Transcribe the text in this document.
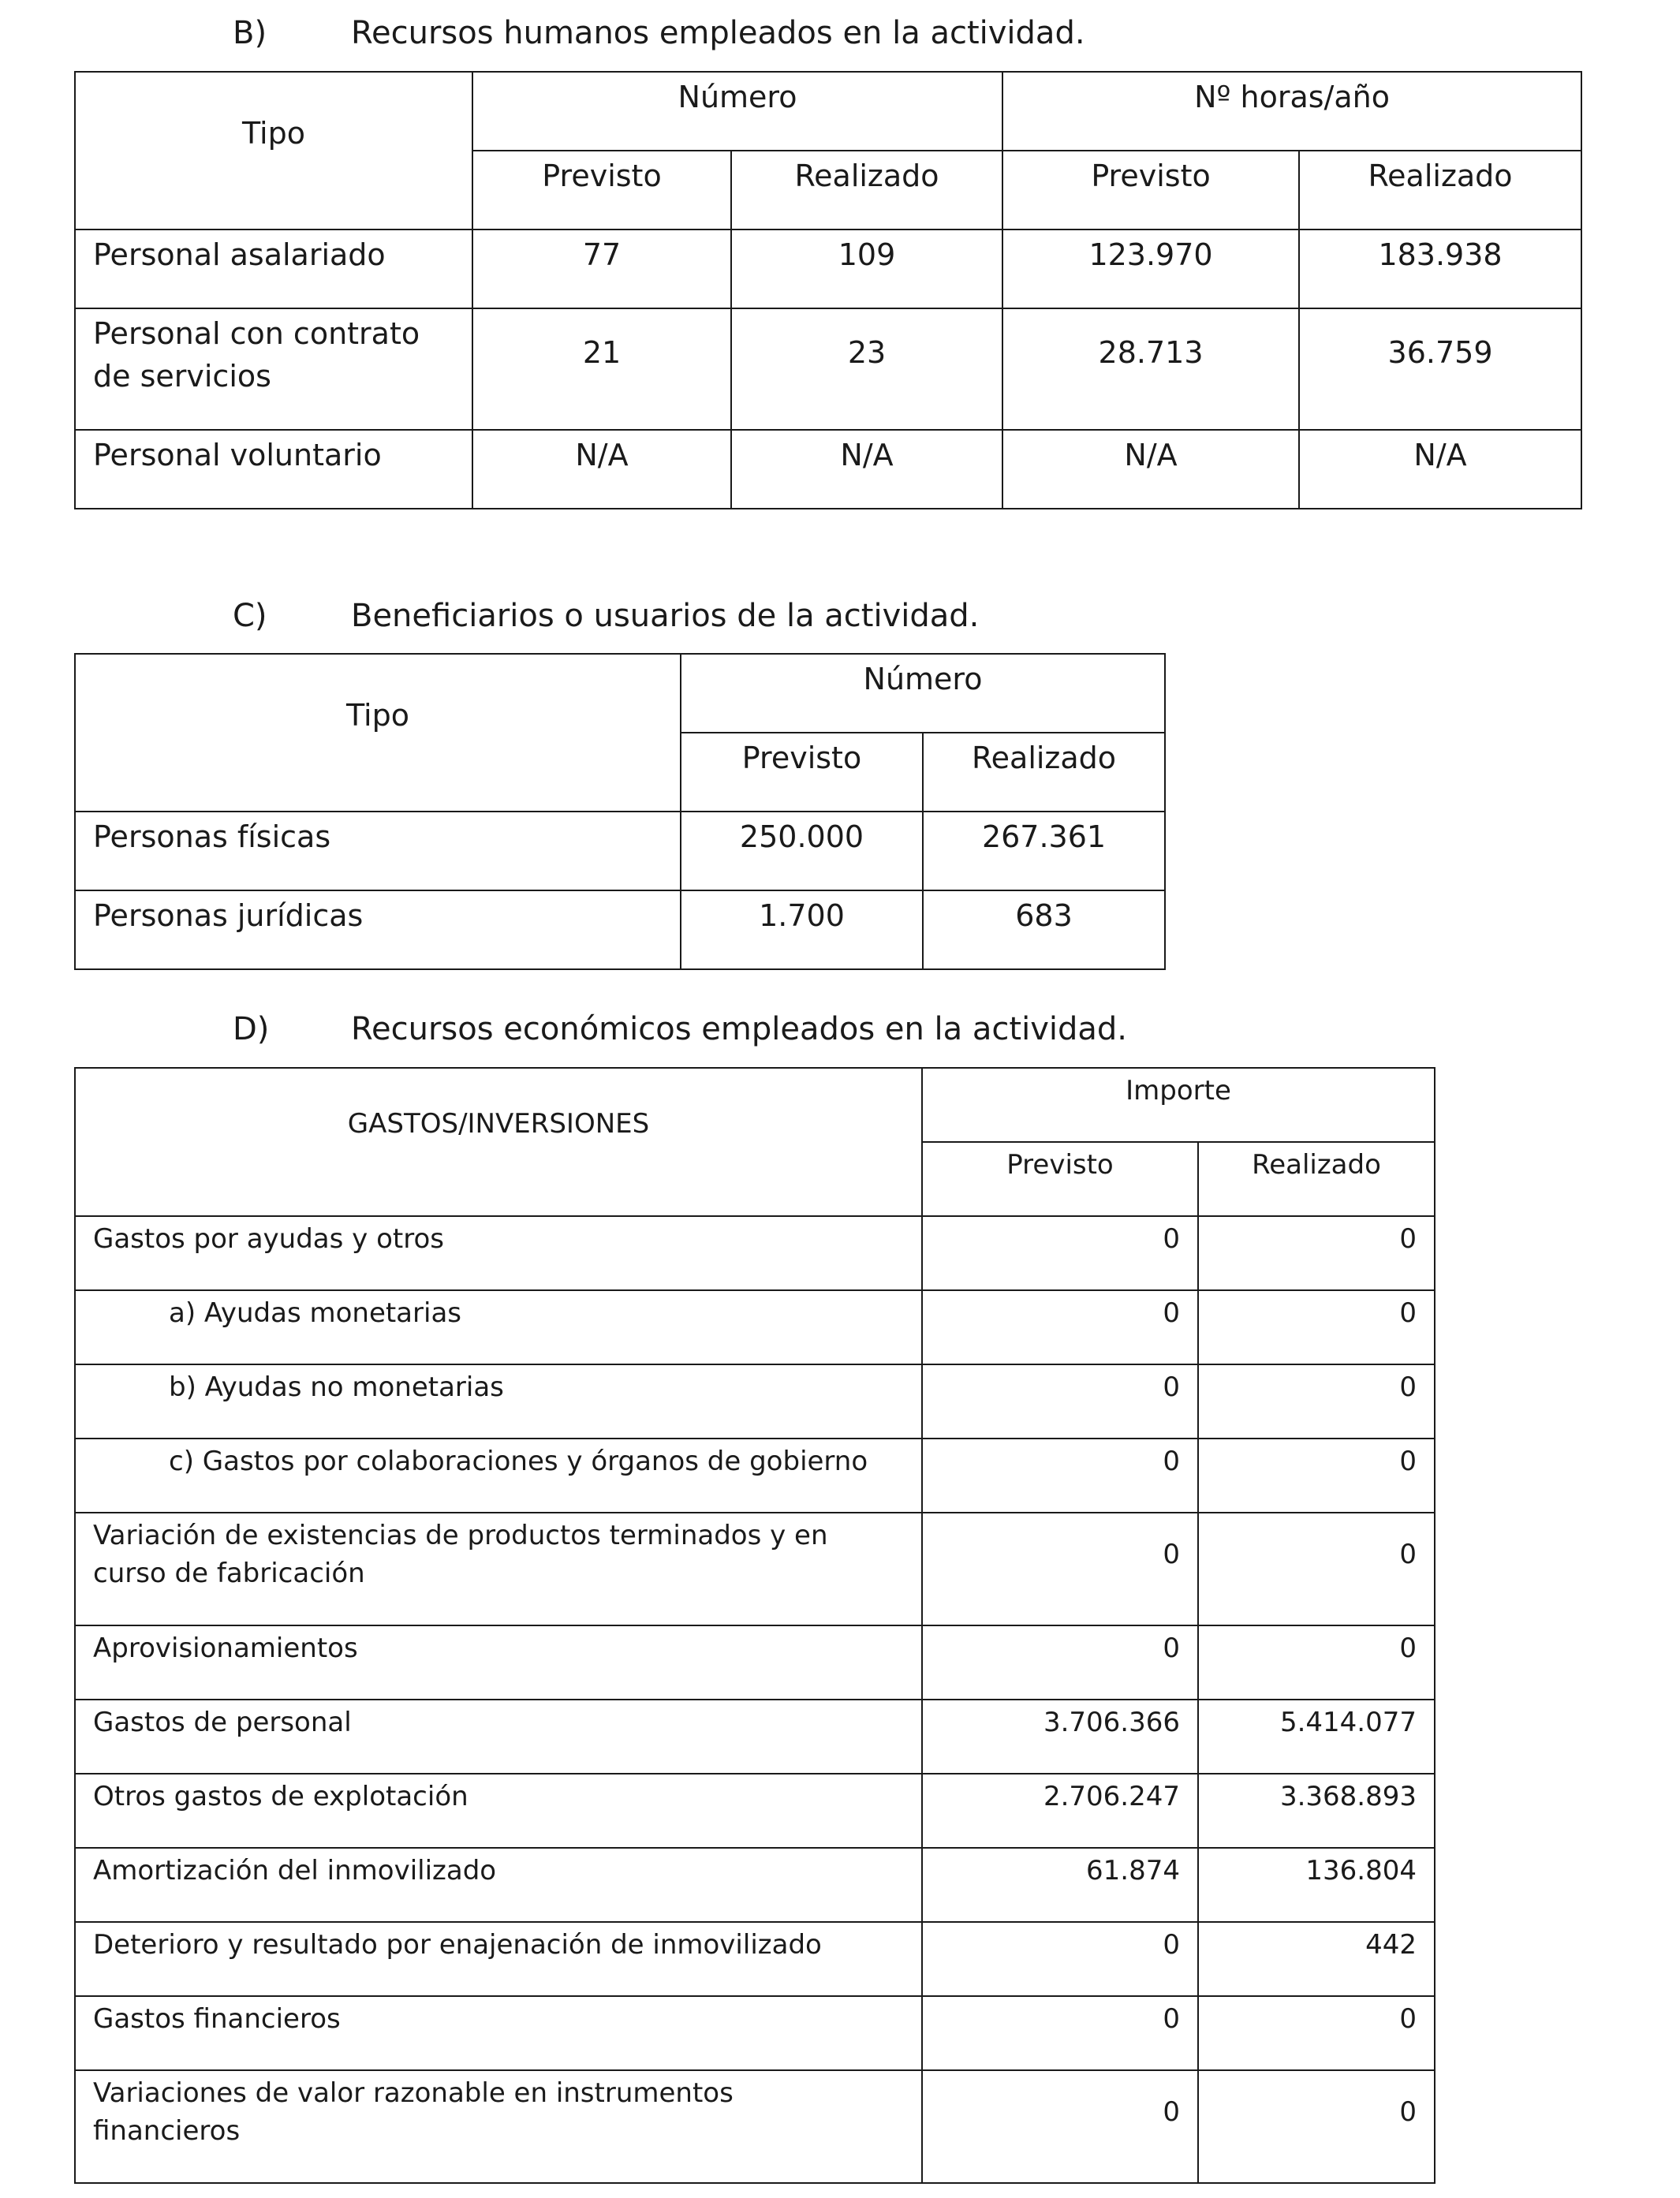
B)	Recursos humanos empleados en la actividad.
Tipo	Número		Nº horas/año	
	Previsto	Realizado	Previsto	Realizado
Personal asalariado	77	109	123.970	183.938
Personal con contrato
de servicios	21	23	28.713	36.759
Personal voluntario	N/A	N/A	N/A	N/A
C)	Beneficiarios o usuarios de la actividad.
Tipo	Número	
	Previsto	Realizado
Personas físicas	250.000	267.361
Personas jurídicas	1.700	683
D)	Recursos económicos empleados en la actividad.
GASTOS/INVERSIONES	Importe	
	Previsto	Realizado
Gastos por ayudas y otros	0	0
a) Ayudas monetarias	0	0
b) Ayudas no monetarias	0	0
c) Gastos por colaboraciones y órganos de gobierno	0	0
Variación de existencias de productos terminados y en
curso de fabricación	0	0
Aprovisionamientos	0	0
Gastos de personal	3.706.366	5.414.077
Otros gastos de explotación	2.706.247	3.368.893
Amortización del inmovilizado	61.874	136.804
Deterioro y resultado por enajenación de inmovilizado	0	442
Gastos financieros	0	0
Variaciones de valor razonable en instrumentos
financieros	0	0
